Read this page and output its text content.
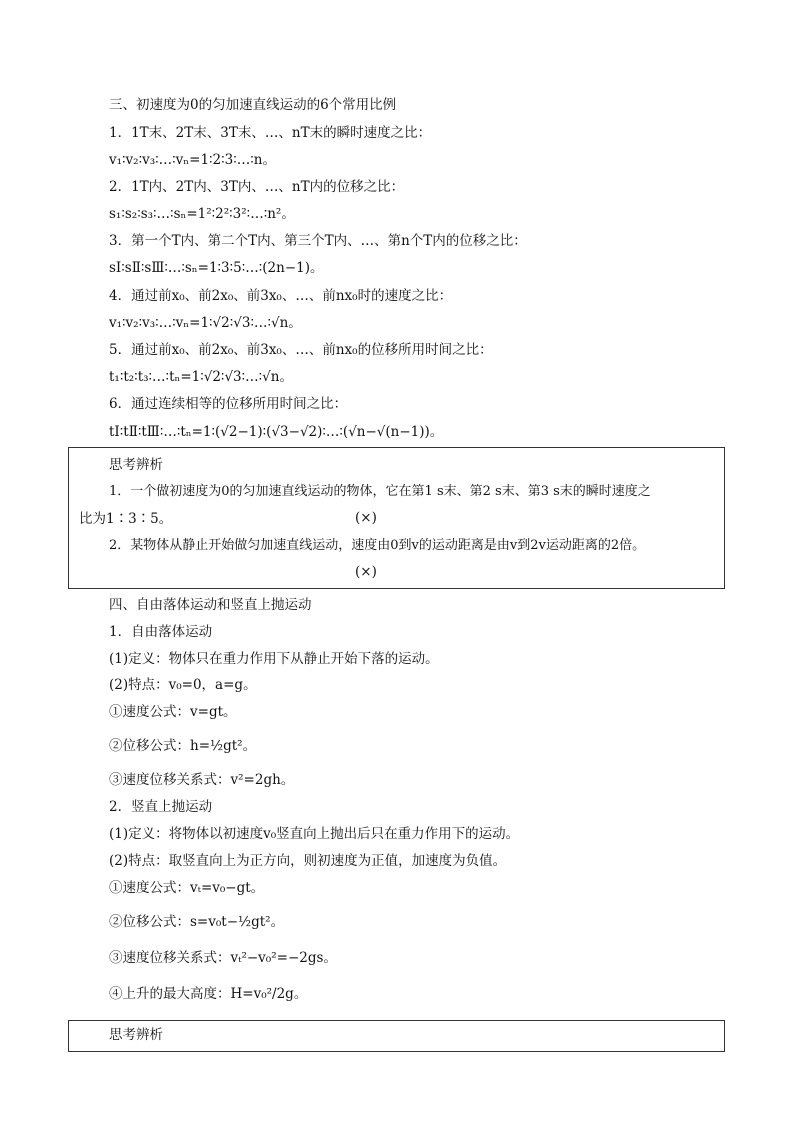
三、初速度为0的匀加速直线运动的6个常用比例
1．1T末、2T末、3T末、…、nT末的瞬时速度之比：
v₁∶v₂∶v₃∶…∶vₙ=1∶2∶3∶…∶n。
2．1T内、2T内、3T内、…、nT内的位移之比：
s₁∶s₂∶s₃∶…∶sₙ=1²∶2²∶3²∶…∶n²。
3．第一个T内、第二个T内、第三个T内、…、第n个T内的位移之比：
sⅠ∶sⅡ∶sⅢ∶…∶sₙ=1∶3∶5∶…∶(2n−1)。
4．通过前x₀、前2x₀、前3x₀、…、前nx₀时的速度之比：
v₁∶v₂∶v₃∶…∶vₙ=1∶√2∶√3∶…∶√n。
5．通过前x₀、前2x₀、前3x₀、…、前nx₀的位移所用时间之比：
t₁∶t₂∶t₃∶…∶tₙ=1∶√2∶√3∶…∶√n。
6．通过连续相等的位移所用时间之比：
tⅠ∶tⅡ∶tⅢ∶…∶tₙ=1∶(√2−1)∶(√3−√2)∶…∶(√n−√(n−1))。
思考辨析
1．一个做初速度为0的匀加速直线运动的物体，它在第1 s末、第2 s末、第3 s末的瞬时速度之
比为1∶3∶5。	(×)
2．某物体从静止开始做匀加速直线运动，速度由0到v的运动距离是由v到2v运动距离的2倍。
(×)
四、自由落体运动和竖直上抛运动
1．自由落体运动
(1)定义：物体只在重力作用下从静止开始下落的运动。
(2)特点：v₀=0，a=g。
①速度公式：v=gt。
②位移公式：h=½gt²。
③速度位移关系式：v²=2gh。
2．竖直上抛运动
(1)定义：将物体以初速度v₀竖直向上抛出后只在重力作用下的运动。
(2)特点：取竖直向上为正方向，则初速度为正值，加速度为负值。
①速度公式：vₜ=v₀−gt。
②位移公式：s=v₀t−½gt²。
③速度位移关系式：vₜ²−v₀²=−2gs。
④上升的最大高度：H=v₀²/2g。
思考辨析
